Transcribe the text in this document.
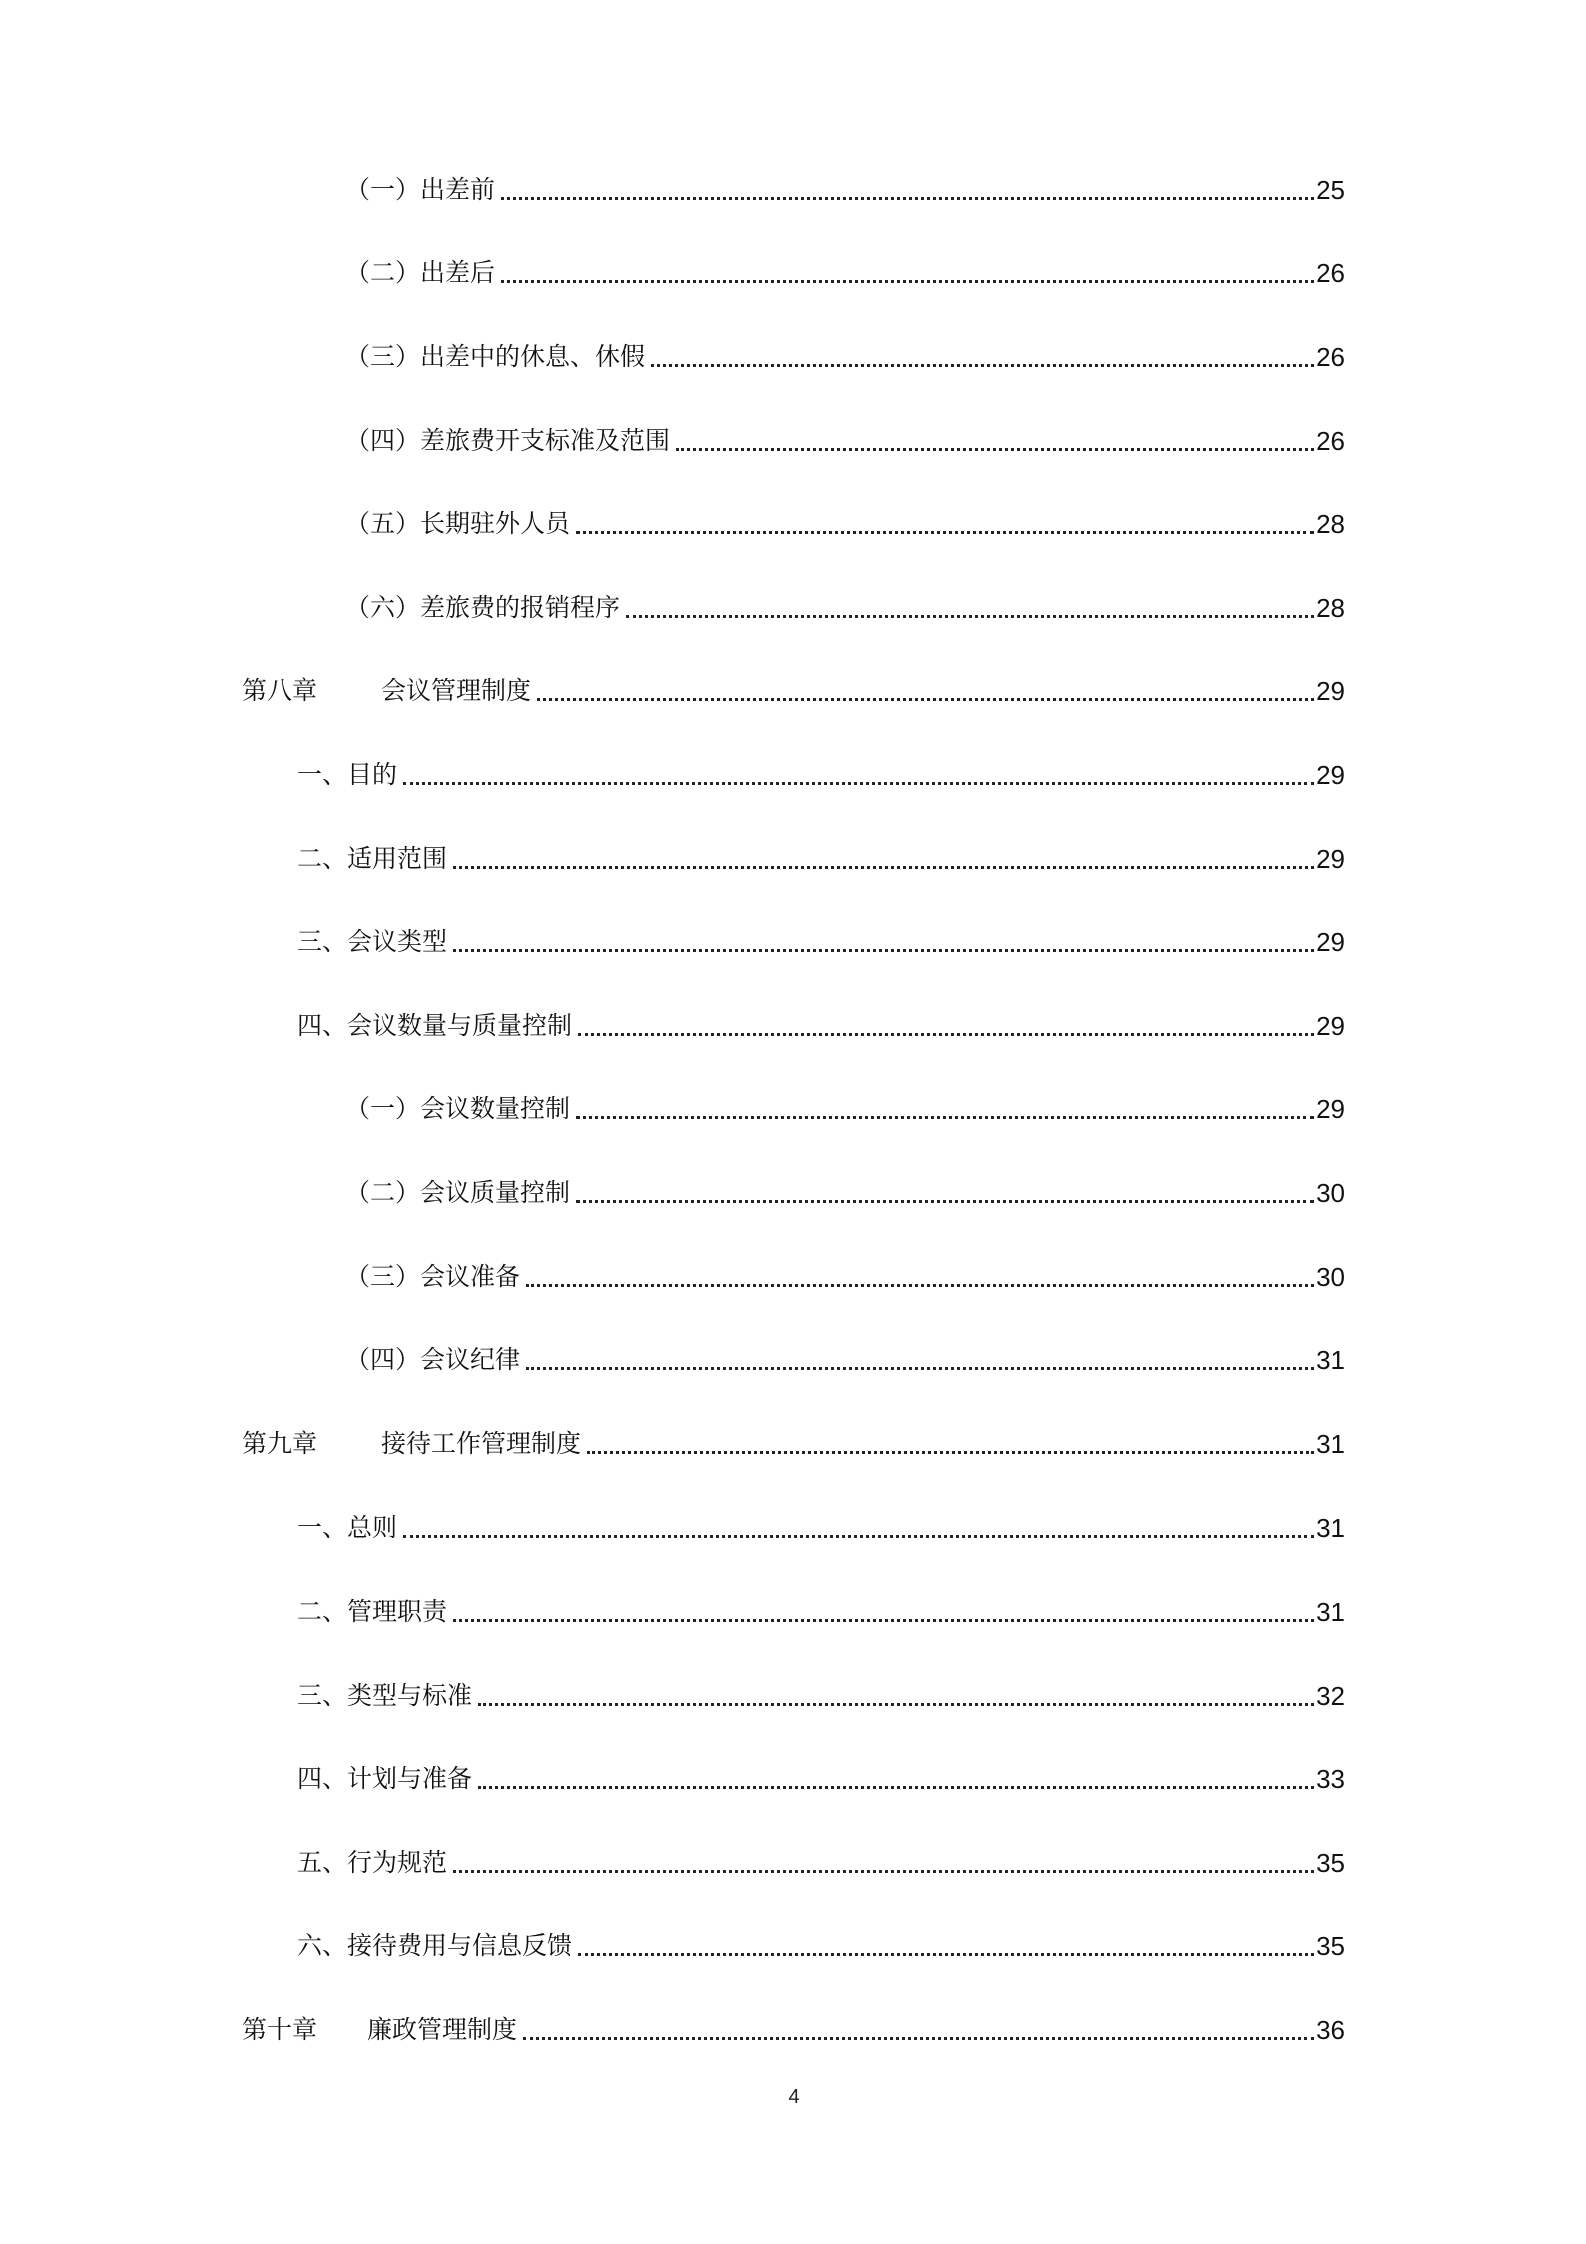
（一）出差前	25
（二）出差后	26
（三）出差中的休息、休假	26
（四）差旅费开支标准及范围	26
（五）长期驻外人员	28
（六）差旅费的报销程序	28
第八章	会议管理制度	29
一、目的	29
二、适用范围	29
三、会议类型	29
四、会议数量与质量控制	29
（一）会议数量控制	29
（二）会议质量控制	30
（三）会议准备	30
（四）会议纪律	31
第九章	接待工作管理制度	31
一、总则	31
二、管理职责	31
三、类型与标准	32
四、计划与准备	33
五、行为规范	35
六、接待费用与信息反馈	35
第十章	廉政管理制度	36
4
